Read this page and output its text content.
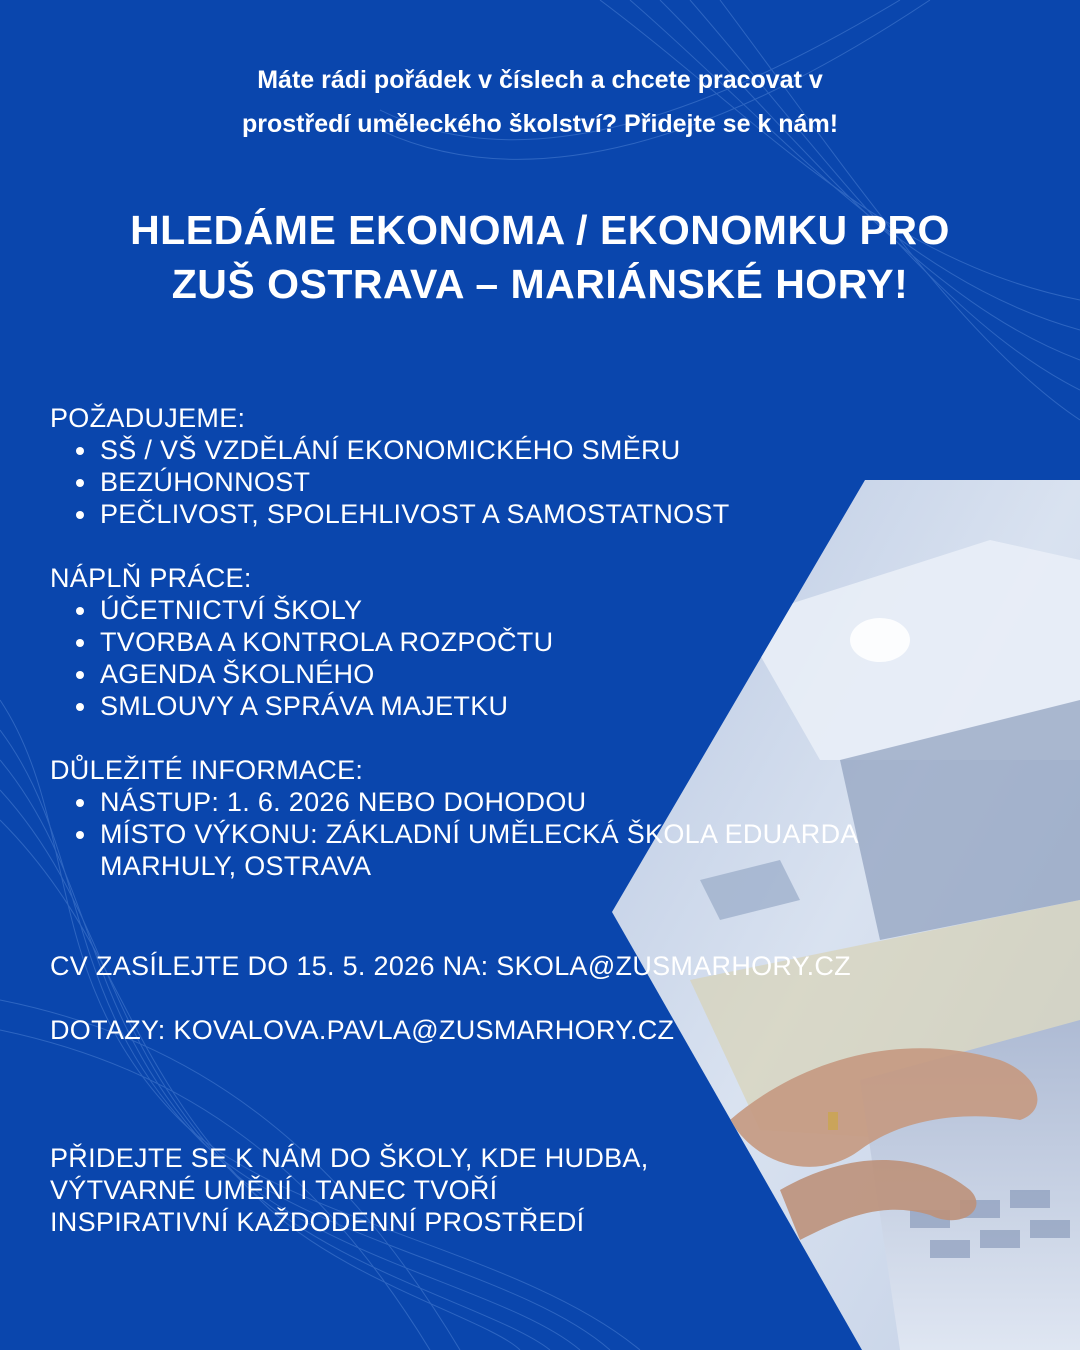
Máte rádi pořádek v číslech a chcete pracovat v
prostředí uměleckého školství? Přidejte se k nám!
HLEDÁME EKONOMA / EKONOMKU PRO
ZUŠ OSTRAVA – MARIÁNSKÉ HORY!
POŽADUJEME:
SŠ / VŠ VZDĚLÁNÍ EKONOMICKÉHO SMĚRU
BEZÚHONNOST
PEČLIVOST, SPOLEHLIVOST A SAMOSTATNOST
NÁPLŇ PRÁCE:
ÚČETNICTVÍ ŠKOLY
TVORBA A KONTROLA ROZPOČTU
AGENDA ŠKOLNÉHO
SMLOUVY A SPRÁVA MAJETKU
DŮLEŽITÉ INFORMACE:
NÁSTUP: 1. 6. 2026 NEBO DOHODOU
MÍSTO VÝKONU: ZÁKLADNÍ UMĚLECKÁ ŠKOLA EDUARDA
MARHULY, OSTRAVA
CV ZASÍLEJTE DO 15. 5. 2026 NA: SKOLA@ZUSMARHORY.CZ
DOTAZY: KOVALOVA.PAVLA@ZUSMARHORY.CZ
PŘIDEJTE SE K NÁM DO ŠKOLY, KDE HUDBA,
VÝTVARNÉ UMĚNÍ I TANEC TVOŘÍ
INSPIRATIVNÍ KAŽDODENNÍ PROSTŘEDÍ
